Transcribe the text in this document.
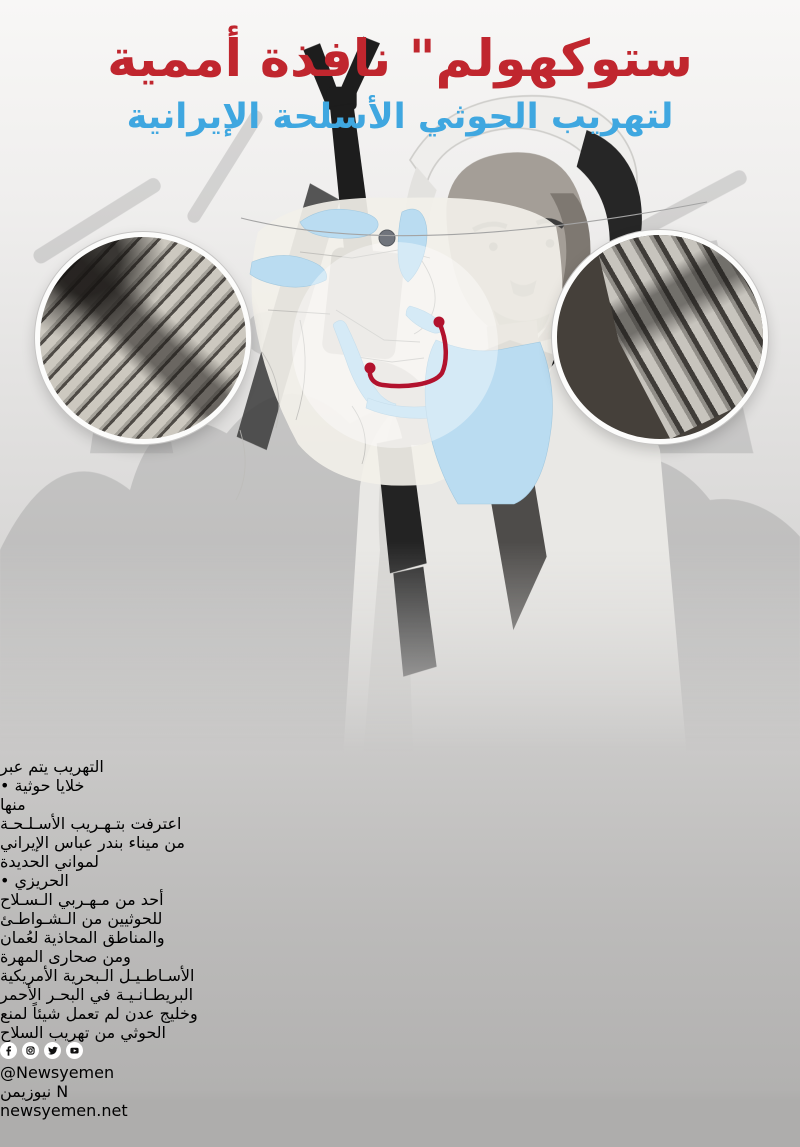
ستوكهولم" نافذة أممية
لتهريب الحوثي الأسلحة الإيرانية
التهريب يتم عبر
• خلايا حوثية
منها
اعترفت بتـهـريب الأسـلـحـة
من ميناء بندر عباس الإيراني
لمواني الحديدة
• الحريزي
أحد من مـهـربي الـسـلاح
للحوثيين من الـشـواطـئ
والمناطق المحاذية لعُمان
ومن صحارى المهرة
الأسـاطـيـل الـبحرية الأمريكية
البريطـانـيـة في البحـر الأحمر
وخليج عدن لم تعمل شيئاً لمنع
الحوثي من تهريب السلاح

@Newsyemen
نيوزيمن N
newsyemen.net
